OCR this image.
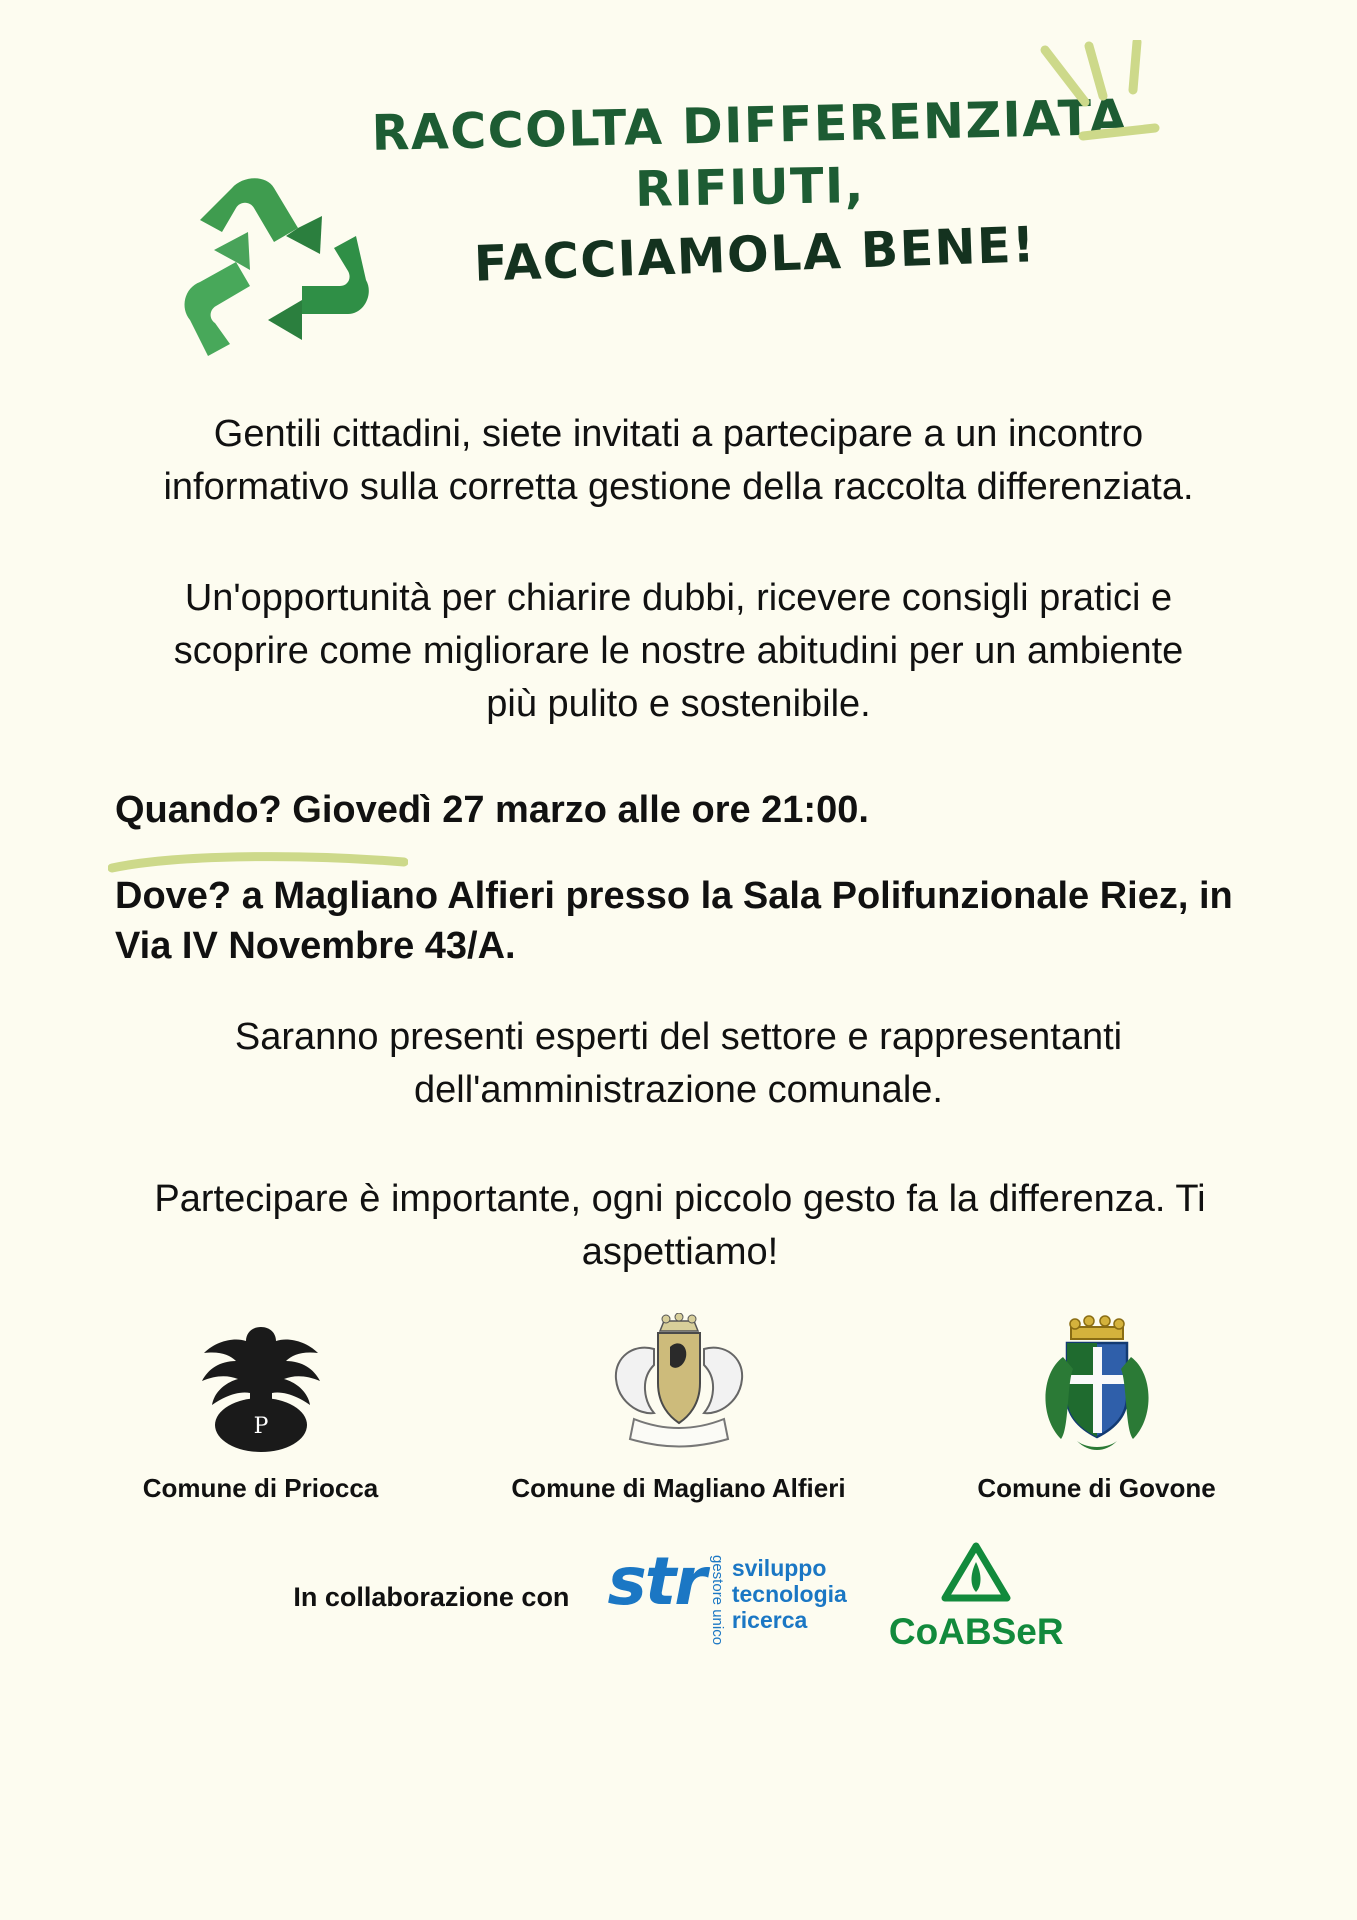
RACCOLTA DIFFERENZIATA
RIFIUTI,
FACCIAMOLA BENE!

Gentili cittadini, siete invitati a partecipare a un incontro informativo sulla corretta gestione della raccolta differenziata.

Un'opportunità per chiarire dubbi, ricevere consigli pratici e scoprire come migliorare le nostre abitudini per un ambiente più pulito e sostenibile.

Quando? Giovedì 27 marzo alle ore 21:00.
Dove? a Magliano Alfieri presso la Sala Polifunzionale Riez, in Via IV Novembre 43/A.

Saranno presenti esperti del settore e rappresentanti dell'amministrazione comunale.

Partecipare è importante, ogni piccolo gesto fa la differenza. Ti aspettiamo!

P
Comune di Priocca	Comune di Magliano Alfieri	Comune di Govone
In collaborazione con str gestore unico sviluppo
tecnologia
ricerca	CoABSeR
